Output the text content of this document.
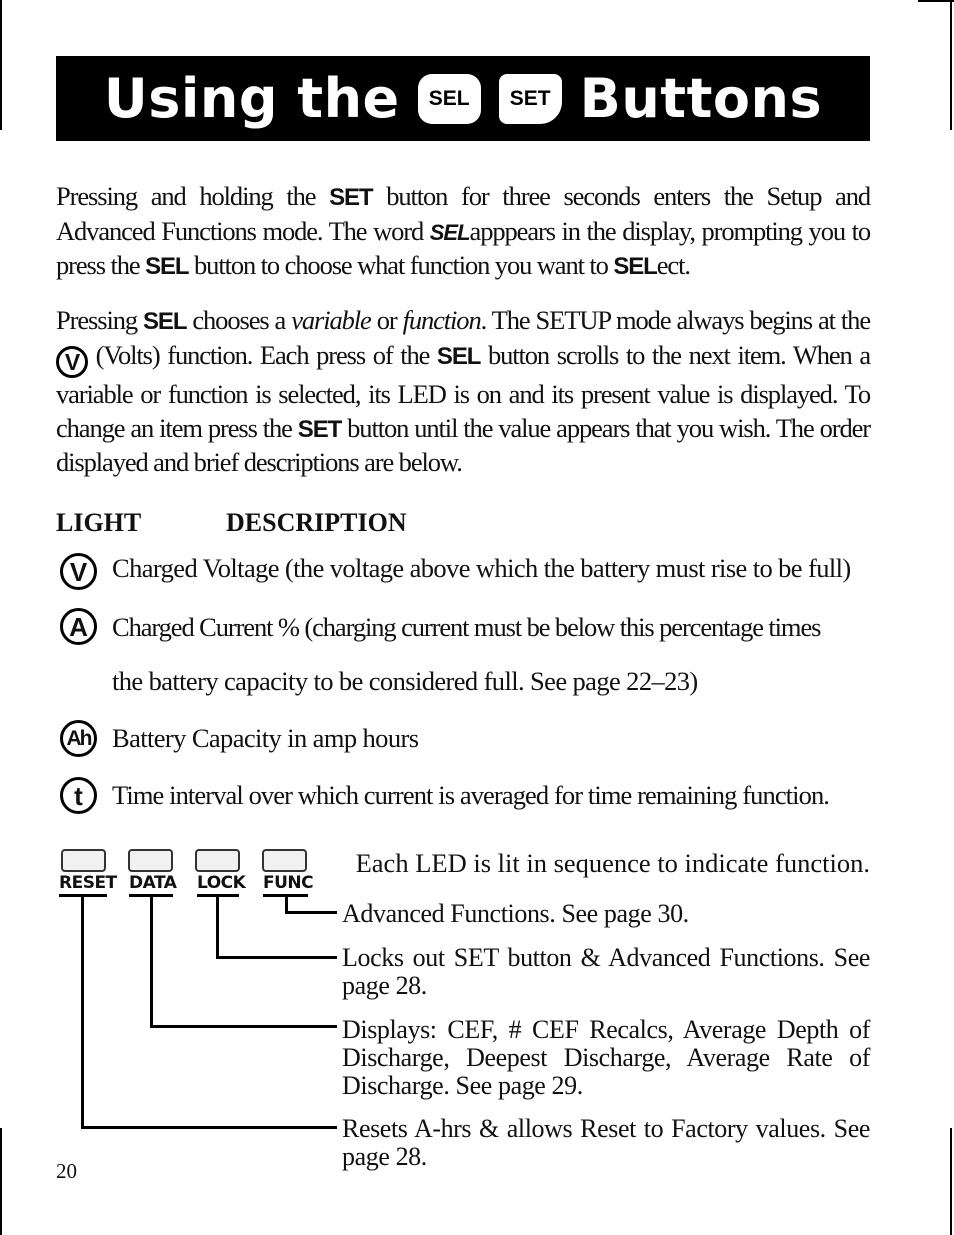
Using the	SEL	SET Buttons

Pressing and holding the SET button for three seconds enters the Setup and Advanced Functions mode. The word SELapppears in the display, prompting you to press the SEL button to choose what function you want to SELect.

Pressing SEL chooses a variable or function. The SETUP mode always begins at the V (Volts) function. Each press of the SEL button scrolls to the next item. When a variable or function is selected, its LED is on and its present value is displayed. To change an item press the SET button until the value appears that you wish. The order displayed and brief descriptions are below.

LIGHT	DESCRIPTION
V Charged Voltage (the voltage above which the battery must rise to be full)
A Charged Current % (charging current must be below this percentage times
the battery capacity to be considered full. See page 22–23)
Ah Battery Capacity in amp hours
t	Time interval over which current is averaged for time remaining function.
RESET DATA LOCK FUNC
Each LED is lit in sequence to indicate function.

Advanced Functions. See page 30.

Locks out SET button & Advanced Functions. See page 28.

Displays: CEF, # CEF Recalcs, Average Depth of Discharge, Deepest Discharge, Average Rate of Discharge. See page 29.

Resets A-hrs & allows Reset to Factory values. See page 28.

20
